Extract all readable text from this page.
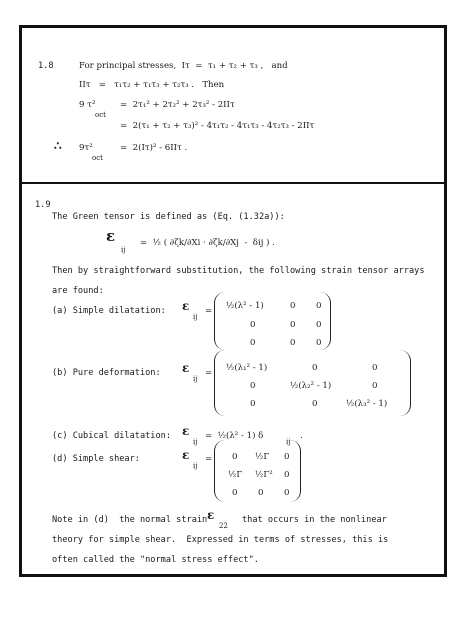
1.8	For principal stresses,  Iτ  =  τ₁ + τ₂ + τ₃ ,   and
IIτ   =   τ₁τ₂ + τ₁τ₃ + τ₂τ₃ .   Then
9 τ²
oct
=  2τ₁² + 2τ₂² + 2τ₃² - 2IIτ
=  2(τ₁ + τ₂ + τ₃)² - 4τ₁τ₂ - 4τ₁τ₃ - 4τ₂τ₃ - 2IIτ
∴ 9τ²
oct
=  2(Iτ)² - 6IIτ .
1.9
The Green tensor is defined as (Eq. (1.32a)):
ε
ij
=  ½ ( ∂ζk/∂Xi · ∂ζk/∂Xj  -  δij ) .
Then by straightforward substitution, the following strain tensor arrays
are found:
(a) Simple dilatation: ε
ij
= ½(λ² - 1)	0 0
0	0 0
0	0 0
(b) Pure deformation: ε
ij
= ½(λ₁² - 1)	0	0
0	½(λ₂² - 1)	0
0	0	½(λ₃² - 1)
(c) Cubical dilatation: ε
ij
=  ½(λ² - 1) δ
ij
.
(d) Simple shear:	ε
ij
= 0 ½Γ 0
½Γ ½Γ² 0
0 0 0
Note in (d)  the normal strain ε
22
that occurs in the nonlinear
theory for simple shear.  Expressed in terms of stresses, this is
often called the "normal stress effect".
